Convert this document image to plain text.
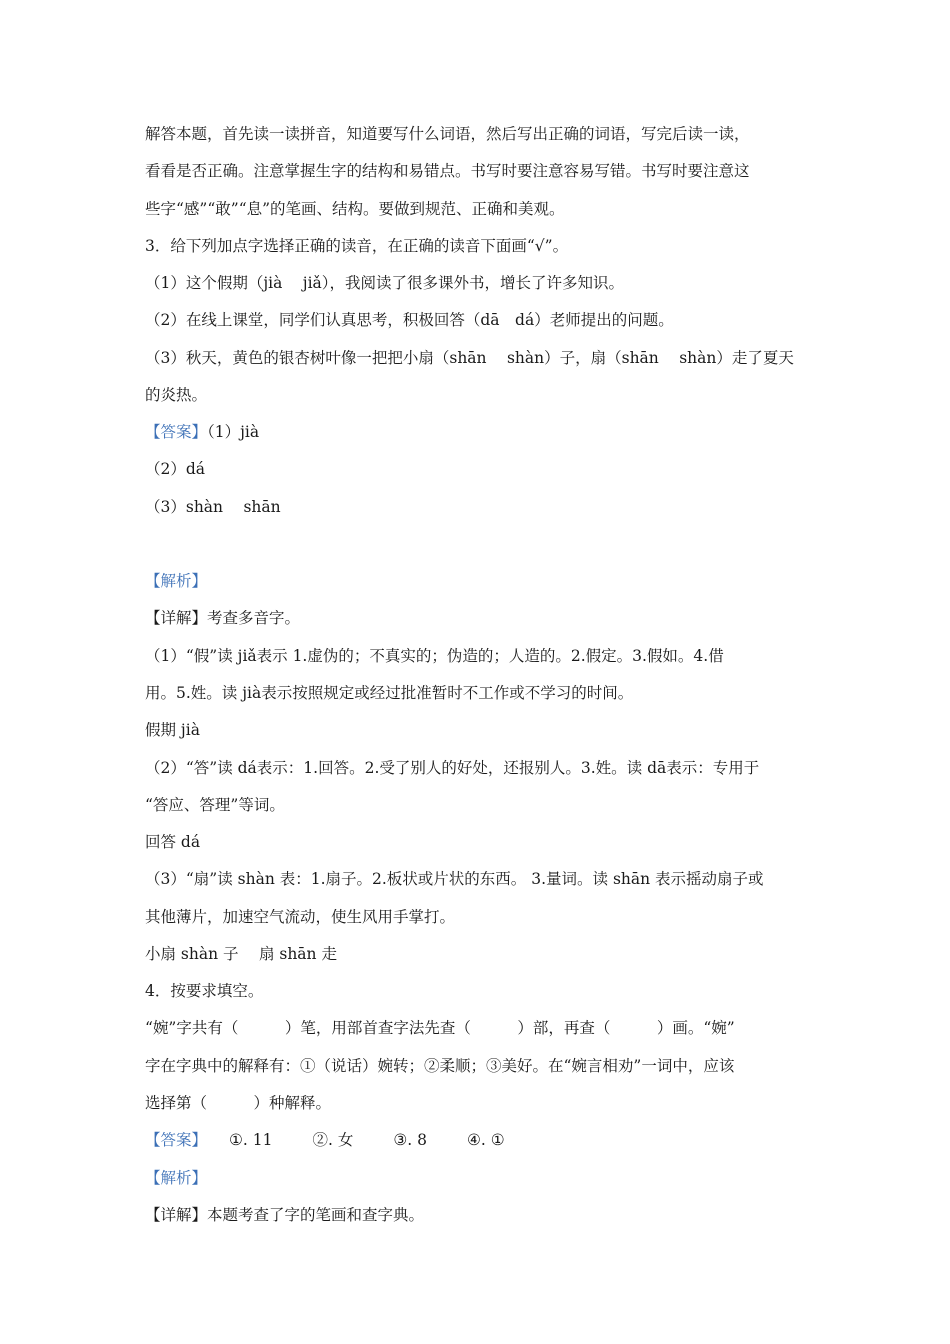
解答本题，首先读一读拼音，知道要写什么词语，然后写出正确的词语，写完后读一读，
看看是否正确。注意掌握生字的结构和易错点。书写时要注意容易写错。书写时要注意这
些字“感”“敢”“息”的笔画、结构。要做到规范、正确和美观。
3．给下列加点字选择正确的读音，在正确的读音下面画“√”。
（1）这个假期（jià　 jiǎ），我阅读了很多课外书，增长了许多知识。
（2）在线上课堂，同学们认真思考，积极回答（dā　dá）老师提出的问题。
（3）秋天，黄色的银杏树叶像一把把小扇（shān　 shàn）子，扇（shān　 shàn）走了夏天
的炎热。
【答案】（1）jià
（2）dá
（3）shàn　 shān
【解析】
【详解】考查多音字。
（1）“假”读 jiǎ表示 1.虚伪的；不真实的；伪造的；人造的。2.假定。3.假如。4.借
用。5.姓。读 jià表示按照规定或经过批准暂时不工作或不学习的时间。
假期 jià
（2）“答”读 dá表示：1.回答。2.受了别人的好处，还报别人。3.姓。读 dā表示：专用于
“答应、答理”等词。
回答 dá
（3）“扇”读 shàn 表：1.扇子。2.板状或片状的东西。 3.量词。读 shān 表示摇动扇子或
其他薄片，加速空气流动，使生风用手掌打。
小扇 shàn 子　 扇 shān 走
4．按要求填空。
“婉”字共有（　　　）笔，用部首查字法先查（　　　）部，再查（　　　）画。“婉”
字在字典中的解释有：①（说话）婉转；②柔顺；③美好。在“婉言相劝”一词中，应该
选择第（　　　）种解释。
【答案】 ①. 11	②. 女	③. 8	④. ①
【解析】
【详解】本题考查了字的笔画和查字典。
